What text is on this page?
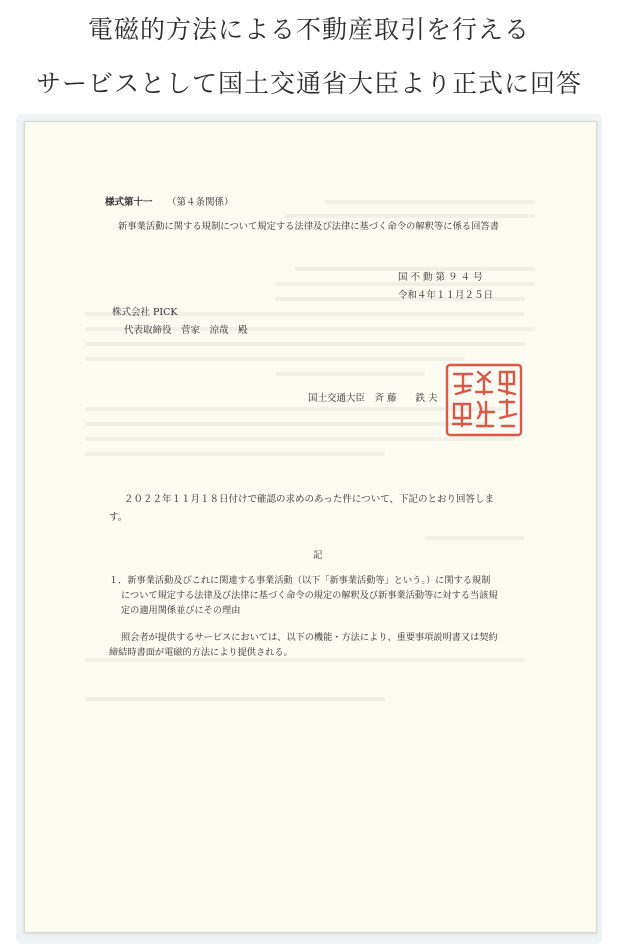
電磁的方法による不動産取引を行える
サービスとして国土交通省大臣より正式に回答
様式第十一 （第４条関係）
新事業活動に関する規制について規定する法律及び法律に基づく命令の解釈等に係る回答書
国 不 動 第 ９ ４ 号
令和４年１１月２５日
株式会社 PICK
代表取締役　菅家　涼哉　殿
国土交通大臣　斉 藤　　鉄 夫
２０２２年１１月１８日付けで確認の求めのあった件について、下記のとおり回答しま
す。
記
１．新事業活動及びこれに関連する事業活動（以下「新事業活動等」という。）に関する規制
について規定する法律及び法律に基づく命令の規定の解釈及び新事業活動等に対する当該規
定の適用関係並びにその理由
照会者が提供するサービスにおいては、以下の機能・方法により、重要事項説明書又は契約
締結時書面が電磁的方法により提供される。
